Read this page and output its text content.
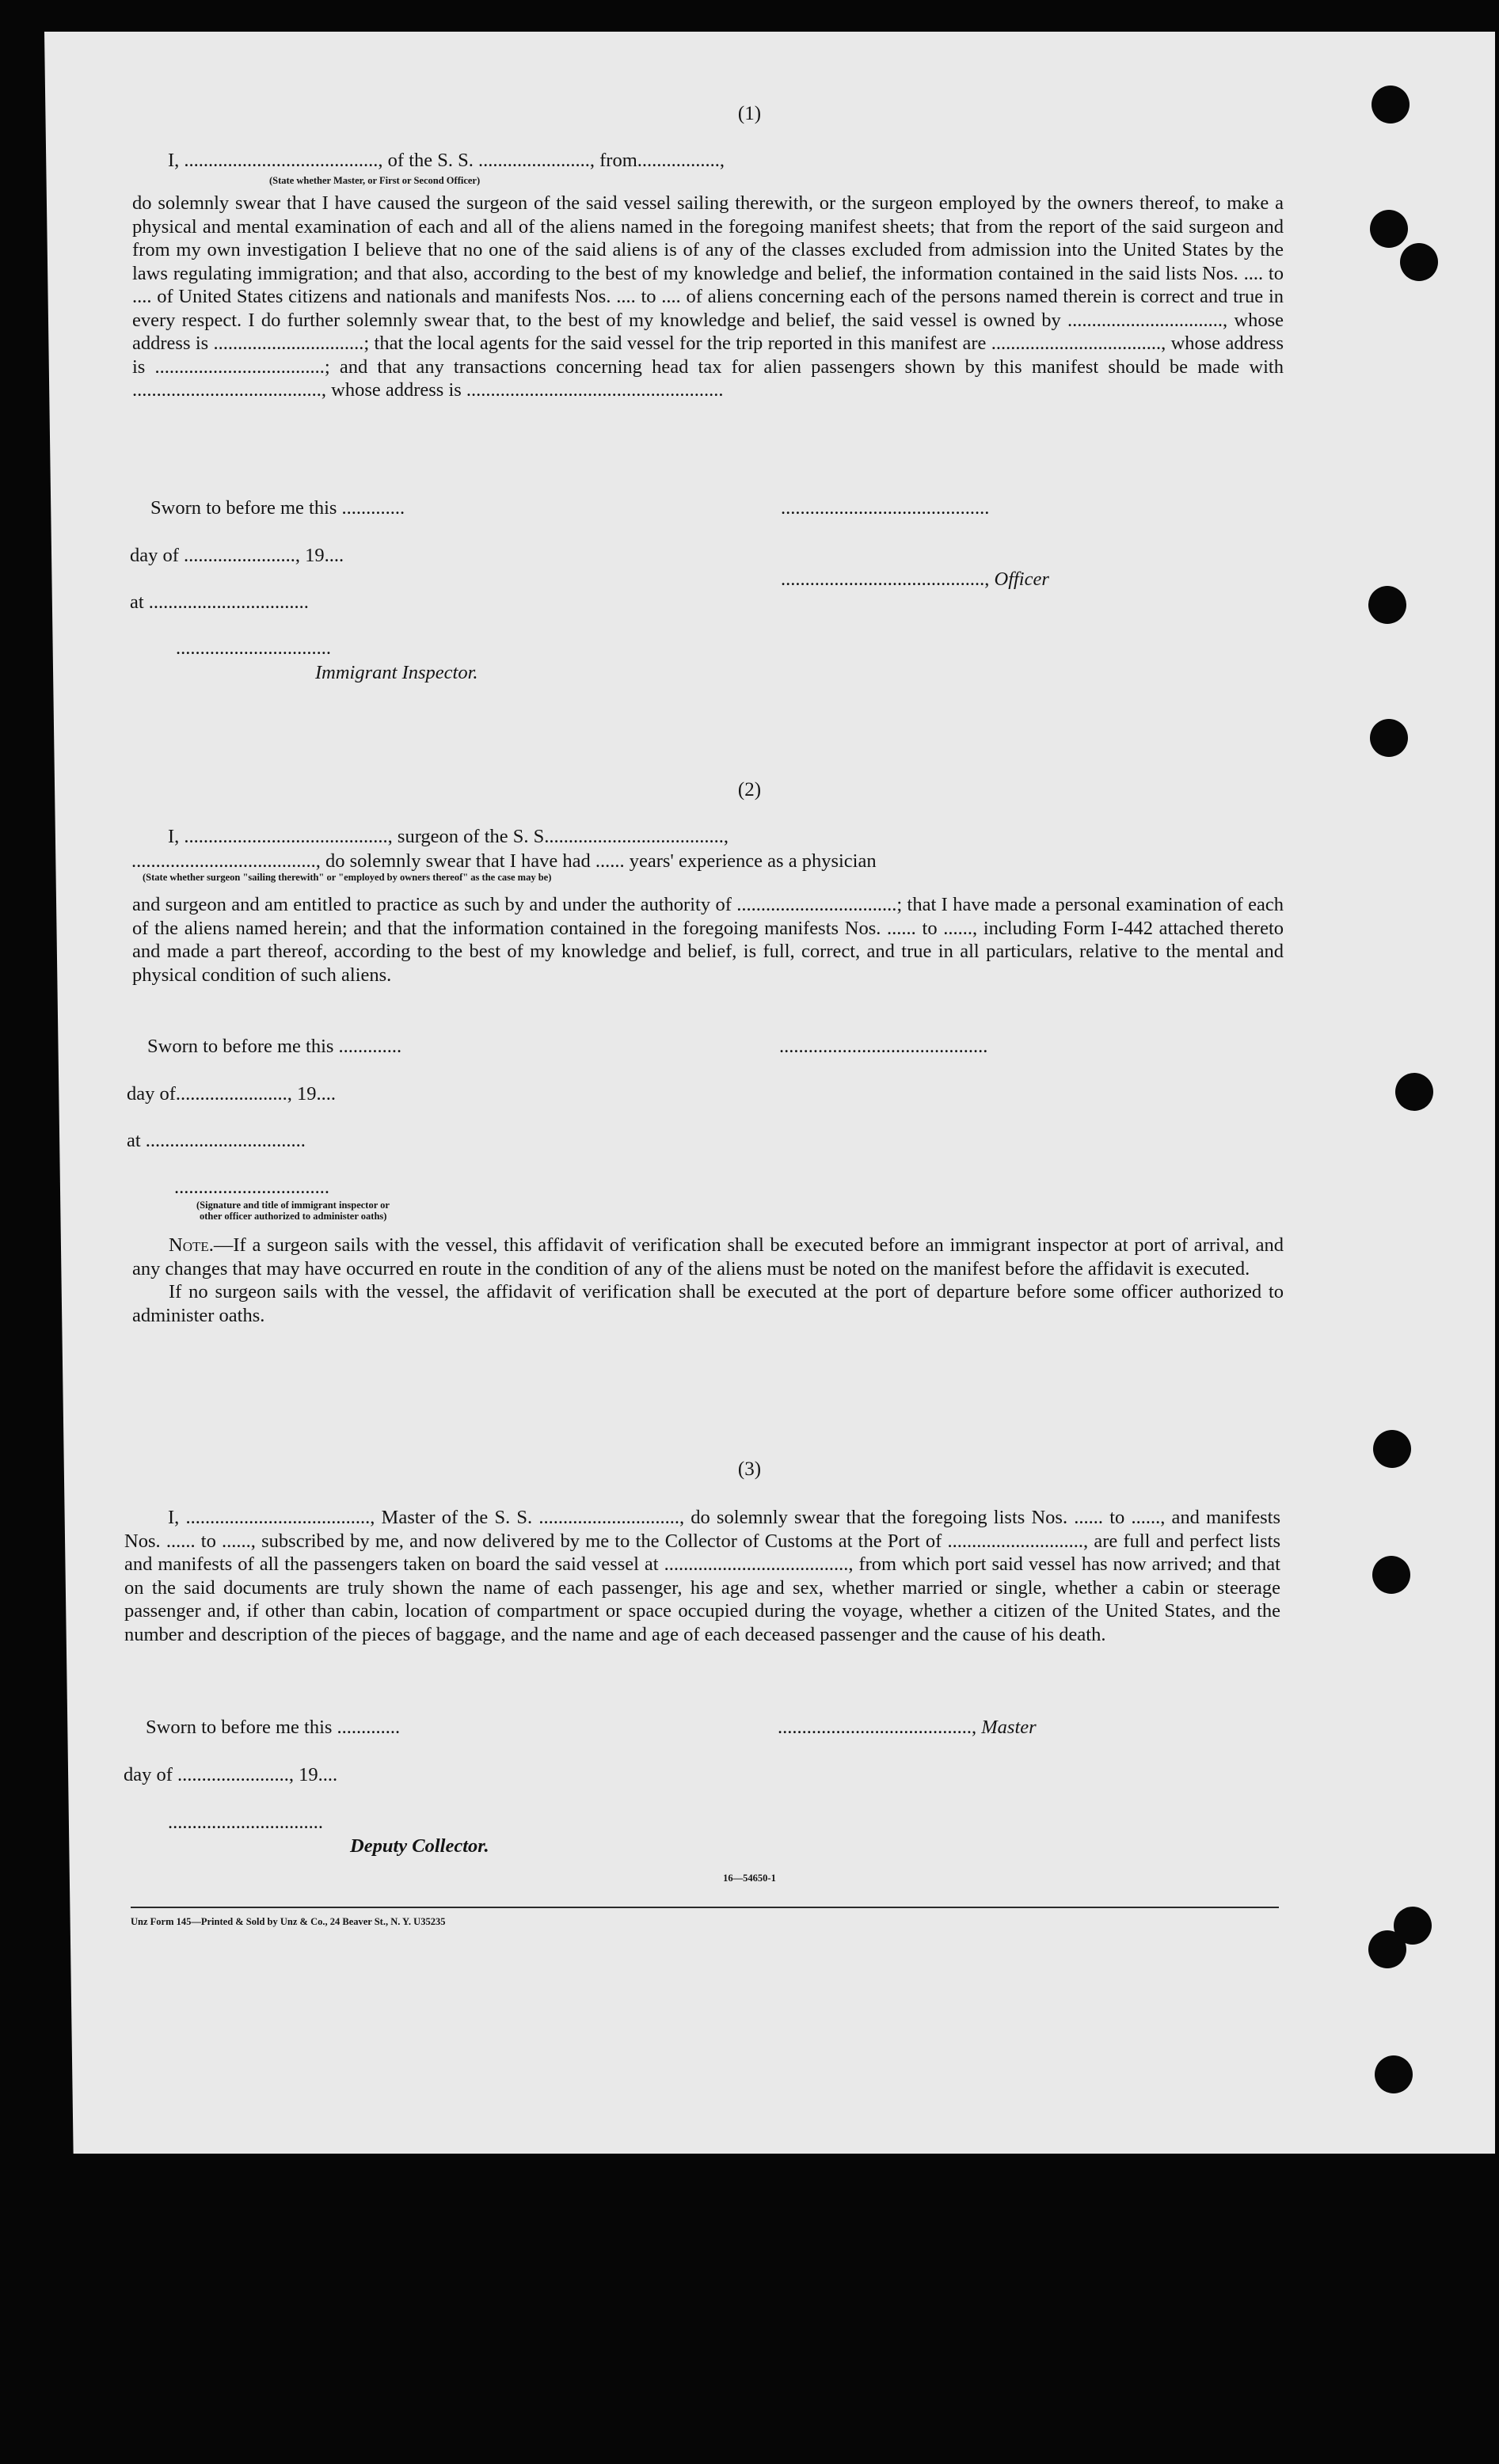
(1)
I, ........................................, of the S. S. ......................., from.................,
(State whether Master, or First or Second Officer)

do solemnly swear that I have caused the surgeon of the said vessel sailing therewith, or the surgeon employed by the owners thereof, to make a physical and mental examination of each and all of the aliens named in the foregoing manifest sheets; that from the report of the said surgeon and from my own investigation I believe that no one of the said aliens is of any of the classes excluded from admission into the United States by the laws regulating immigration; and that also, according to the best of my knowledge and belief, the information contained in the said lists Nos. .... to .... of United States citizens and nationals and manifests Nos. .... to .... of aliens concerning each of the persons named therein is correct and true in every respect. I do further solemnly swear that, to the best of my knowledge and belief, the said vessel is owned by ................................, whose address is ...............................; that the local agents for the said vessel for the trip reported in this manifest are ..................................., whose address is ...................................; and that any transactions concerning head tax for alien passengers shown by this manifest should be made with ......................................., whose address is .....................................................

Sworn to before me this .............	...........................................
day of ......................., 19....
.........................................., Officer
at .................................
................................
Immigrant Inspector.
(2)
I, .........................................., surgeon of the S. S.....................................,
......................................, do solemnly swear that I have had ...... years' experience as a physician
(State whether surgeon "sailing therewith" or "employed by owners thereof" as the case may be)

and surgeon and am entitled to practice as such by and under the authority of .................................; that I have made a personal examination of each of the aliens named herein; and that the information contained in the foregoing manifests Nos. ...... to ......, including Form I-442 attached thereto and made a part thereof, according to the best of my knowledge and belief, is full, correct, and true in all particulars, relative to the mental and physical condition of such aliens.

Sworn to before me this .............	...........................................
day of......................., 19....
at .................................
................................
(Signature and title of immigrant inspector or
other officer authorized to administer oaths)

Note.—If a surgeon sails with the vessel, this affidavit of verification shall be executed before an immigrant inspector at port of arrival, and any changes that may have occurred en route in the condition of any of the aliens must be noted on the manifest before the affidavit is executed.

If no surgeon sails with the vessel, the affidavit of verification shall be executed at the port of departure before some officer authorized to administer oaths.

(3)

I, ......................................, Master of the S. S. ............................., do solemnly swear that the foregoing lists Nos. ...... to ......, and manifests Nos. ...... to ......, subscribed by me, and now delivered by me to the Collector of Customs at the Port of ............................, are full and perfect lists and manifests of all the passengers taken on board the said vessel at ......................................, from which port said vessel has now arrived; and that on the said documents are truly shown the name of each passenger, his age and sex, whether married or single, whether a cabin or steerage passenger and, if other than cabin, location of compartment or space occupied during the voyage, whether a citizen of the United States, and the number and description of the pieces of baggage, and the name and age of each deceased passenger and the cause of his death.

Sworn to before me this .............	........................................, Master
day of ......................., 19....
................................
Deputy Collector.
16—54650-1
Unz Form 145—Printed & Sold by Unz & Co., 24 Beaver St., N. Y. U35235
